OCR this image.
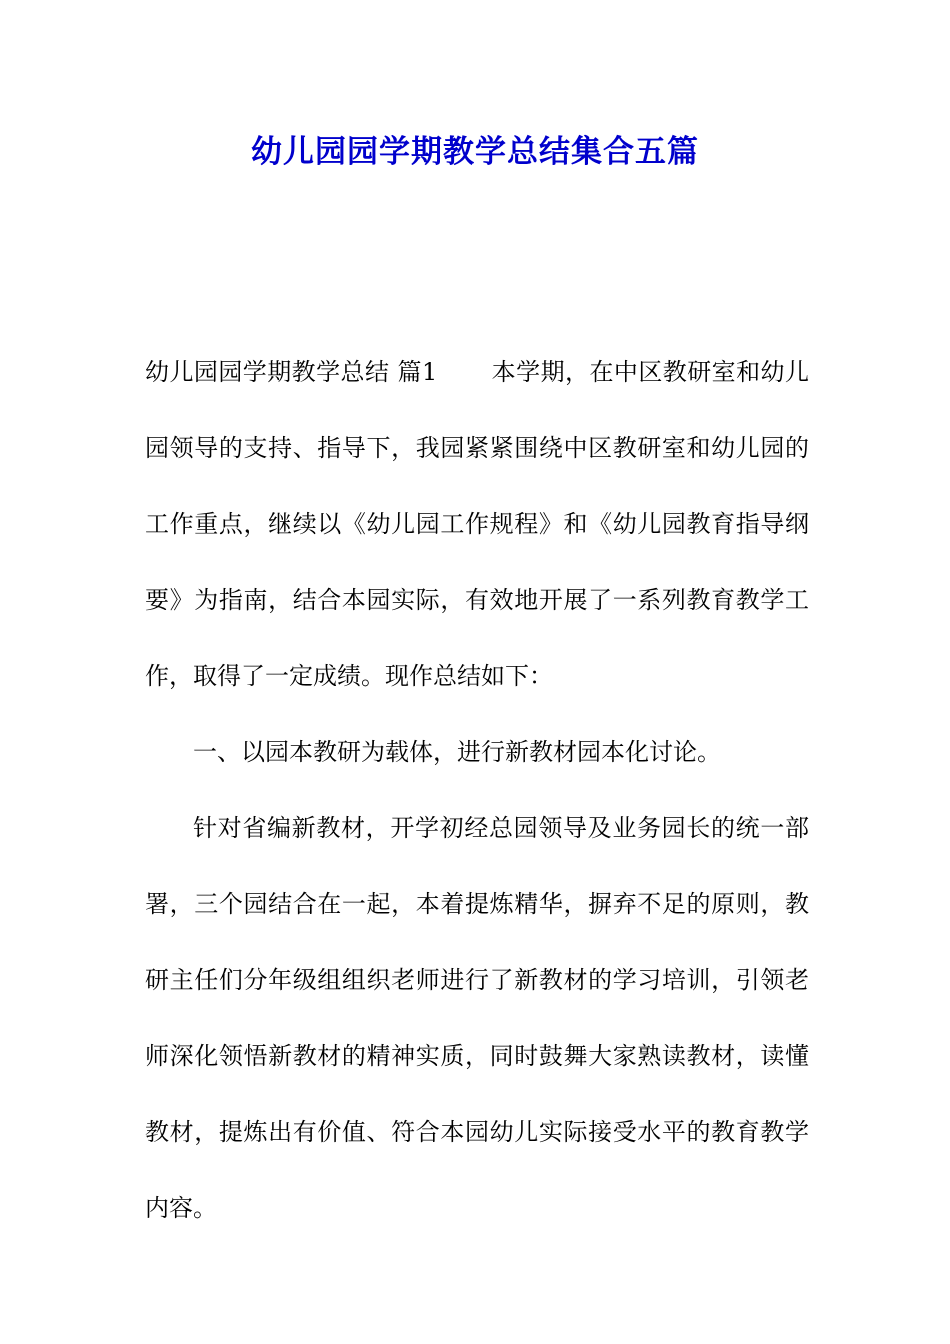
幼儿园园学期教学总结集合五篇

幼儿园园学期教学总结 篇1 本学期，在中区教研室和幼儿园领导的支持、指导下，我园紧紧围绕中区教研室和幼儿园的工作重点，继续以《幼儿园工作规程》和《幼儿园教育指导纲要》为指南，结合本园实际，有效地开展了一系列教育教学工作，取得了一定成绩。现作总结如下：

一、以园本教研为载体，进行新教材园本化讨论。

针对省编新教材，开学初经总园领导及业务园长的统一部署，三个园结合在一起，本着提炼精华，摒弃不足的原则，教研主任们分年级组组织老师进行了新教材的学习培训，引领老师深化领悟新教材的精神实质，同时鼓舞大家熟读教材，读懂教材，提炼出有价值、符合本园幼儿实际接受水平的教育教学内容。
